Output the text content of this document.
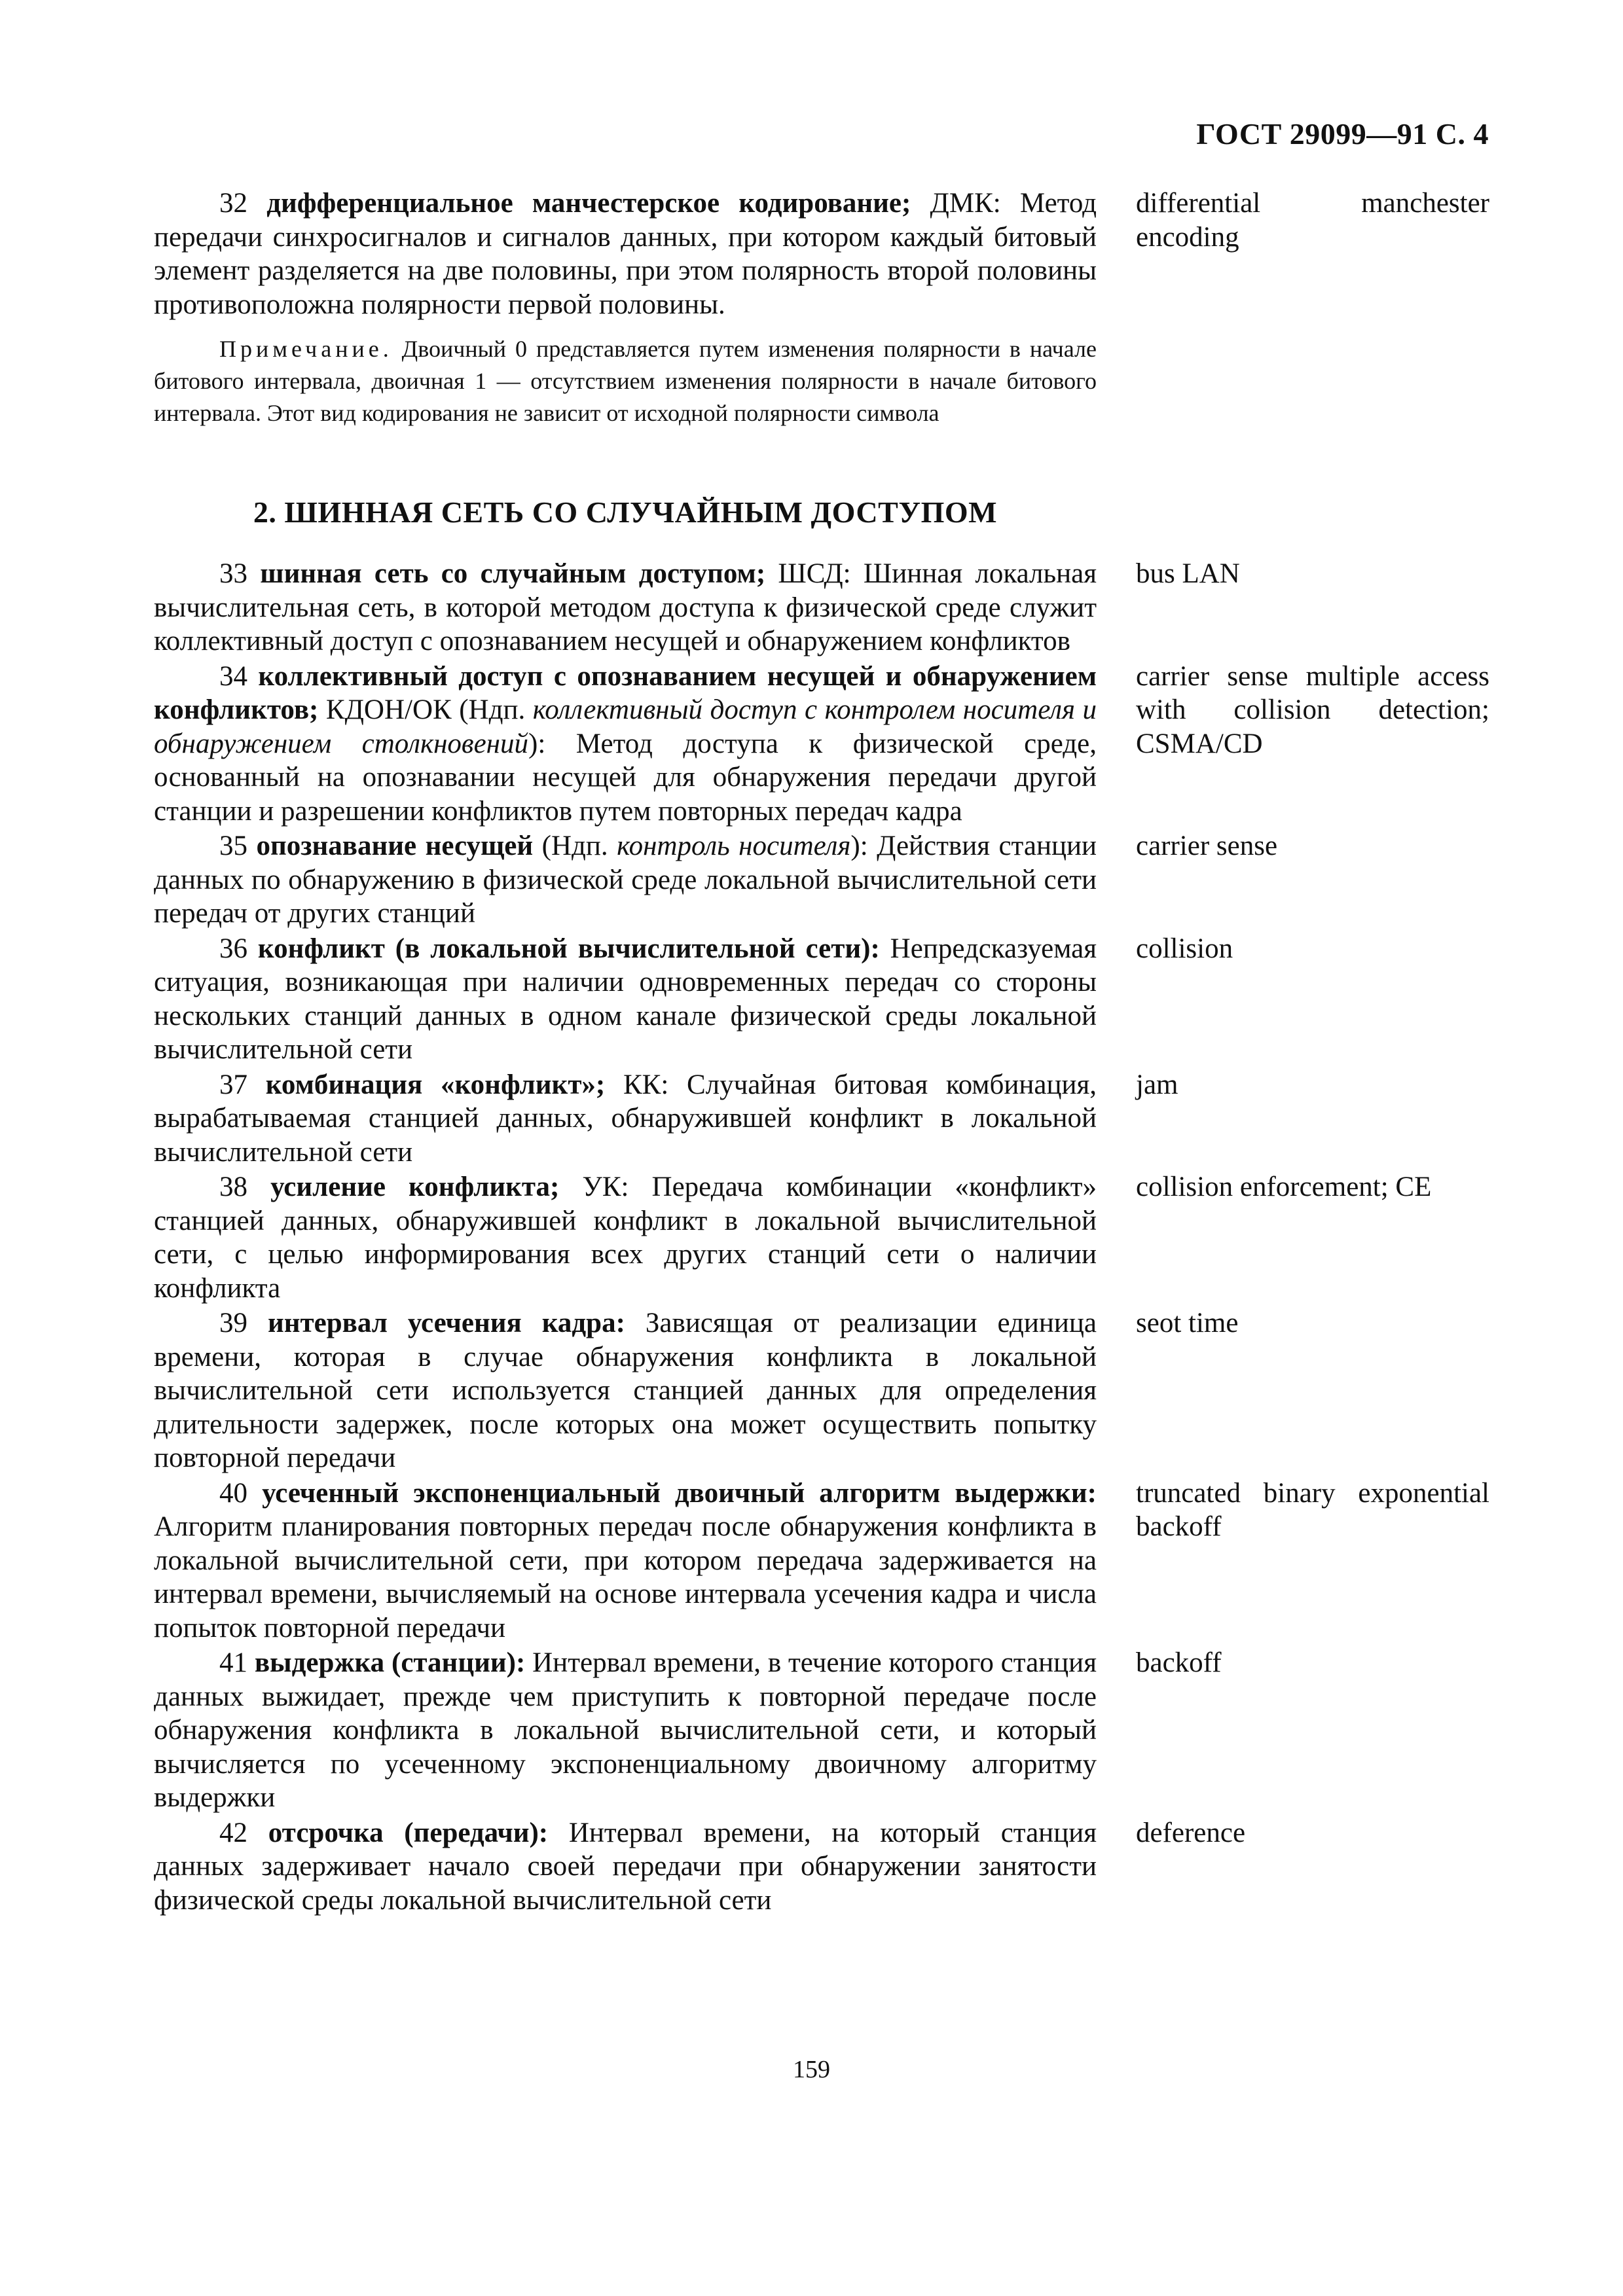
ГОСТ 29099—91 С. 4
32 дифференциальное манчестерское кодирование; ДМК: Метод передачи синхросигналов и сигналов данных, при котором каждый битовый элемент разделяется на две половины, при этом полярность второй половины противоположна полярности первой половины.
differential manchester encoding
Примечание. Двоичный 0 представляется путем изменения полярности в начале битового интервала, двоичная 1 — отсутствием изменения полярности в начале битового интервала. Этот вид кодирования не зависит от исходной полярности символа
2. ШИННАЯ СЕТЬ СО СЛУЧАЙНЫМ ДОСТУПОМ
33 шинная сеть со случайным доступом; ШСД: Шинная локальная вычислительная сеть, в которой методом доступа к физической среде служит коллективный доступ с опознаванием несущей и обнаружением конфликтов
bus LAN
34 коллективный доступ с опознаванием несущей и обнаружением конфликтов; КДОН/ОК (Ндп. коллективный доступ с контролем носителя и обнаружением столкновений): Метод доступа к физической среде, основанный на опознавании несущей для обнаружения передачи другой станции и разрешении конфликтов путем повторных передач кадра
carrier sense multiple access with collision detection; CSMA/CD
35 опознавание несущей (Ндп. контроль носителя): Действия станции данных по обнаружению в физической среде локальной вычислительной сети передач от других станций
carrier sense
36 конфликт (в локальной вычислительной сети): Непредсказуемая ситуация, возникающая при наличии одновременных передач со стороны нескольких станций данных в одном канале физической среды локальной вычислительной сети
collision
37 комбинация «конфликт»; КК: Случайная битовая комбинация, вырабатываемая станцией данных, обнаружившей конфликт в локальной вычислительной сети
jam
38 усиление конфликта; УК: Передача комбинации «конфликт» станцией данных, обнаружившей конфликт в локальной вычислительной сети, с целью информирования всех других станций сети о наличии конфликта
collision enforcement; CE
39 интервал усечения кадра: Зависящая от реализации единица времени, которая в случае обнаружения конфликта в локальной вычислительной сети используется станцией данных для определения длительности задержек, после которых она может осуществить попытку повторной передачи
seot time
40 усеченный экспоненциальный двоичный алгоритм выдержки: Алгоритм планирования повторных передач после обнаружения конфликта в локальной вычислительной сети, при котором передача задерживается на интервал времени, вычисляемый на основе интервала усечения кадра и числа попыток повторной передачи
truncated binary exponential backoff
41 выдержка (станции): Интервал времени, в течение которого станция данных выжидает, прежде чем приступить к повторной передаче после обнаружения конфликта в локальной вычислительной сети, и который вычисляется по усеченному экспоненциальному двоичному алгоритму выдержки
backoff
42 отсрочка (передачи): Интервал времени, на который станция данных задерживает начало своей передачи при обнаружении занятости физической среды локальной вычислительной сети
deference
159
